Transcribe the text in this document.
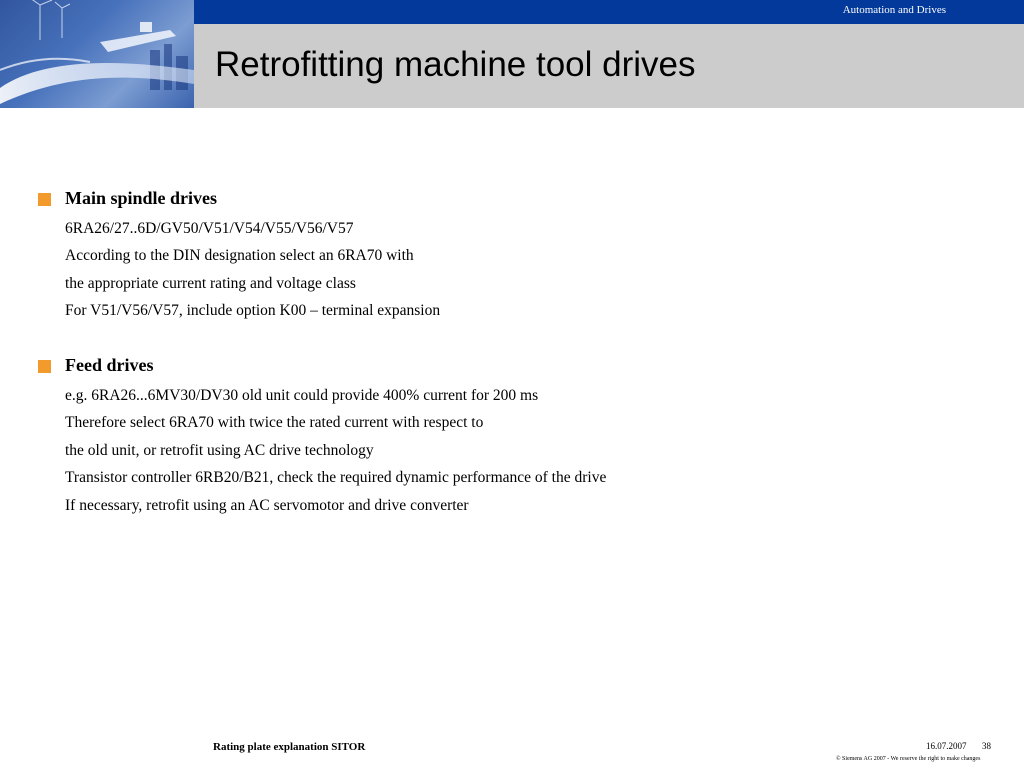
Automation and Drives
Retrofitting machine tool drives
Main spindle drives
6RA26/27..6D/GV50/V51/V54/V55/V56/V57
According to the DIN designation select an 6RA70 with
the appropriate current rating and voltage class
For V51/V56/V57, include option K00 – terminal expansion
Feed drives
e.g. 6RA26...6MV30/DV30 old unit could provide 400% current for 200 ms
Therefore select 6RA70 with twice the rated current with respect to
the old unit, or retrofit using AC drive technology
Transistor controller 6RB20/B21, check the required dynamic performance of the drive
If necessary, retrofit using an AC servomotor and drive converter
Rating plate explanation SITOR	16.07.2007 38
© Siemens AG 2007 - We reserve the right to make changes
